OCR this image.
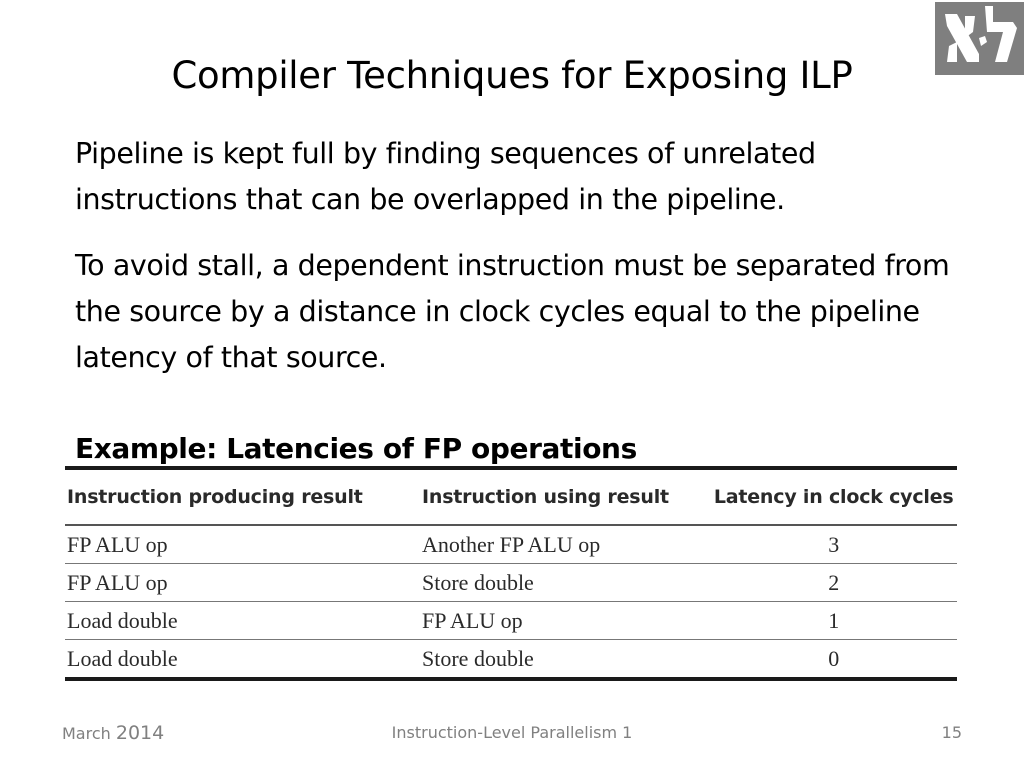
Compiler Techniques for Exposing ILP
Pipeline is kept full by finding sequences of unrelated instructions that can be overlapped in the pipeline.
To avoid stall, a dependent instruction must be separated from the source by a distance in clock cycles equal to the pipeline latency of that source.
Example: Latencies of FP operations
Instruction producing result	Instruction using result	Latency in clock cycles
FP ALU op	Another FP ALU op	3
FP ALU op	Store double	2
Load double	FP ALU op	1
Load double	Store double	0
March 2014	Instruction-Level Parallelism 1	15
